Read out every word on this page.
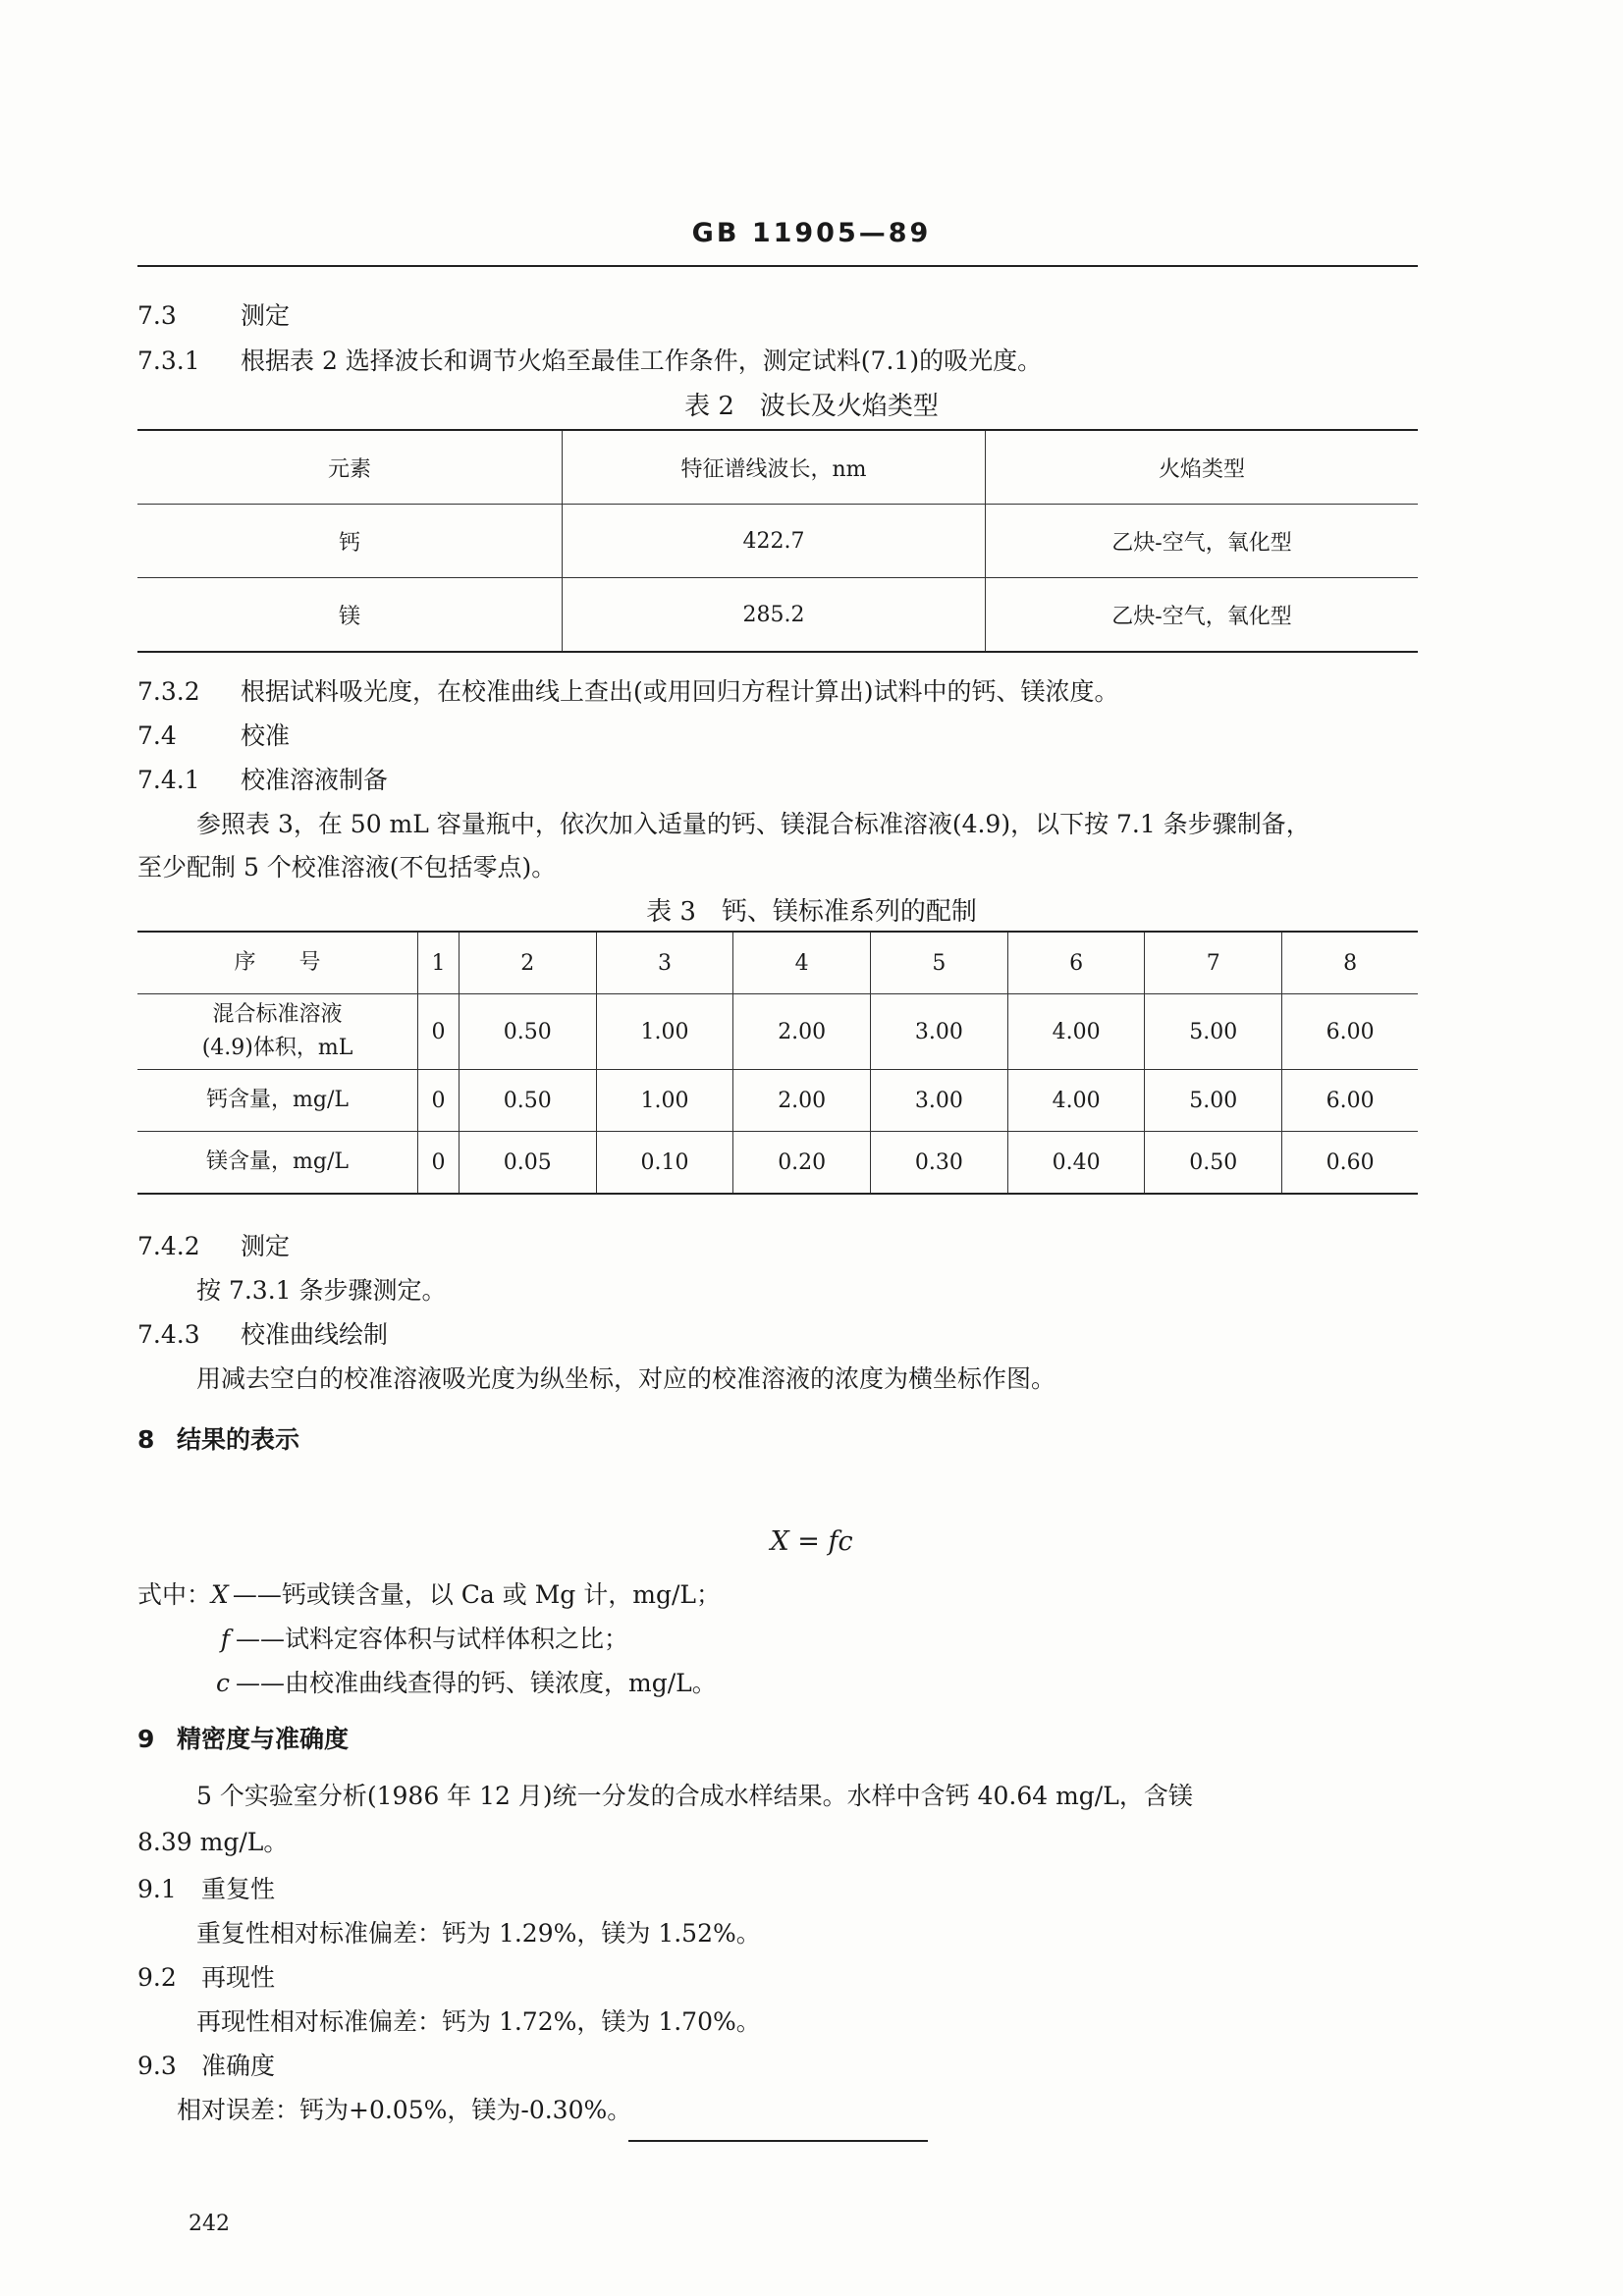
GB 11905—89
7.3	测定
7.3.1 根据表 2 选择波长和调节火焰至最佳工作条件，测定试料(7.1)的吸光度。
表 2　波长及火焰类型
元素	特征谱线波长，nm	火焰类型
钙	422.7	乙炔-空气，氧化型
镁	285.2	乙炔-空气，氧化型
7.3.2 根据试料吸光度，在校准曲线上查出(或用回归方程计算出)试料中的钙、镁浓度。
7.4	校准
7.4.1 校准溶液制备
参照表 3，在 50 mL 容量瓶中，依次加入适量的钙、镁混合标准溶液(4.9)，以下按 7.1 条步骤制备，
至少配制 5 个校准溶液(不包括零点)。
表 3　钙、镁标准系列的配制
序　　号	1	2	3	4	5	6	7	8

混合标准溶液
(4.9)体积，mL	0	0.50	1.00	2.00	3.00	4.00	5.00	6.00
钙含量，mg/L	0	0.50	1.00	2.00	3.00	4.00	5.00	6.00
镁含量，mg/L	0	0.05	0.10	0.20	0.30	0.40	0.50	0.60
7.4.2 测定
按 7.3.1 条步骤测定。
7.4.3 校准曲线绘制
用减去空白的校准溶液吸光度为纵坐标，对应的校准溶液的浓度为横坐标作图。
8 结果的表示
X = fc
式中：X ——钙或镁含量，以 Ca 或 Mg 计，mg/L；
f ——试料定容体积与试样体积之比；
c ——由校准曲线查得的钙、镁浓度，mg/L。
9 精密度与准确度
5 个实验室分析(1986 年 12 月)统一分发的合成水样结果。水样中含钙 40.64 mg/L，含镁
8.39 mg/L。
9.1 重复性
重复性相对标准偏差：钙为 1.29%，镁为 1.52%。
9.2 再现性
再现性相对标准偏差：钙为 1.72%，镁为 1.70%。
9.3 准确度
相对误差：钙为+0.05%，镁为-0.30%。
242
